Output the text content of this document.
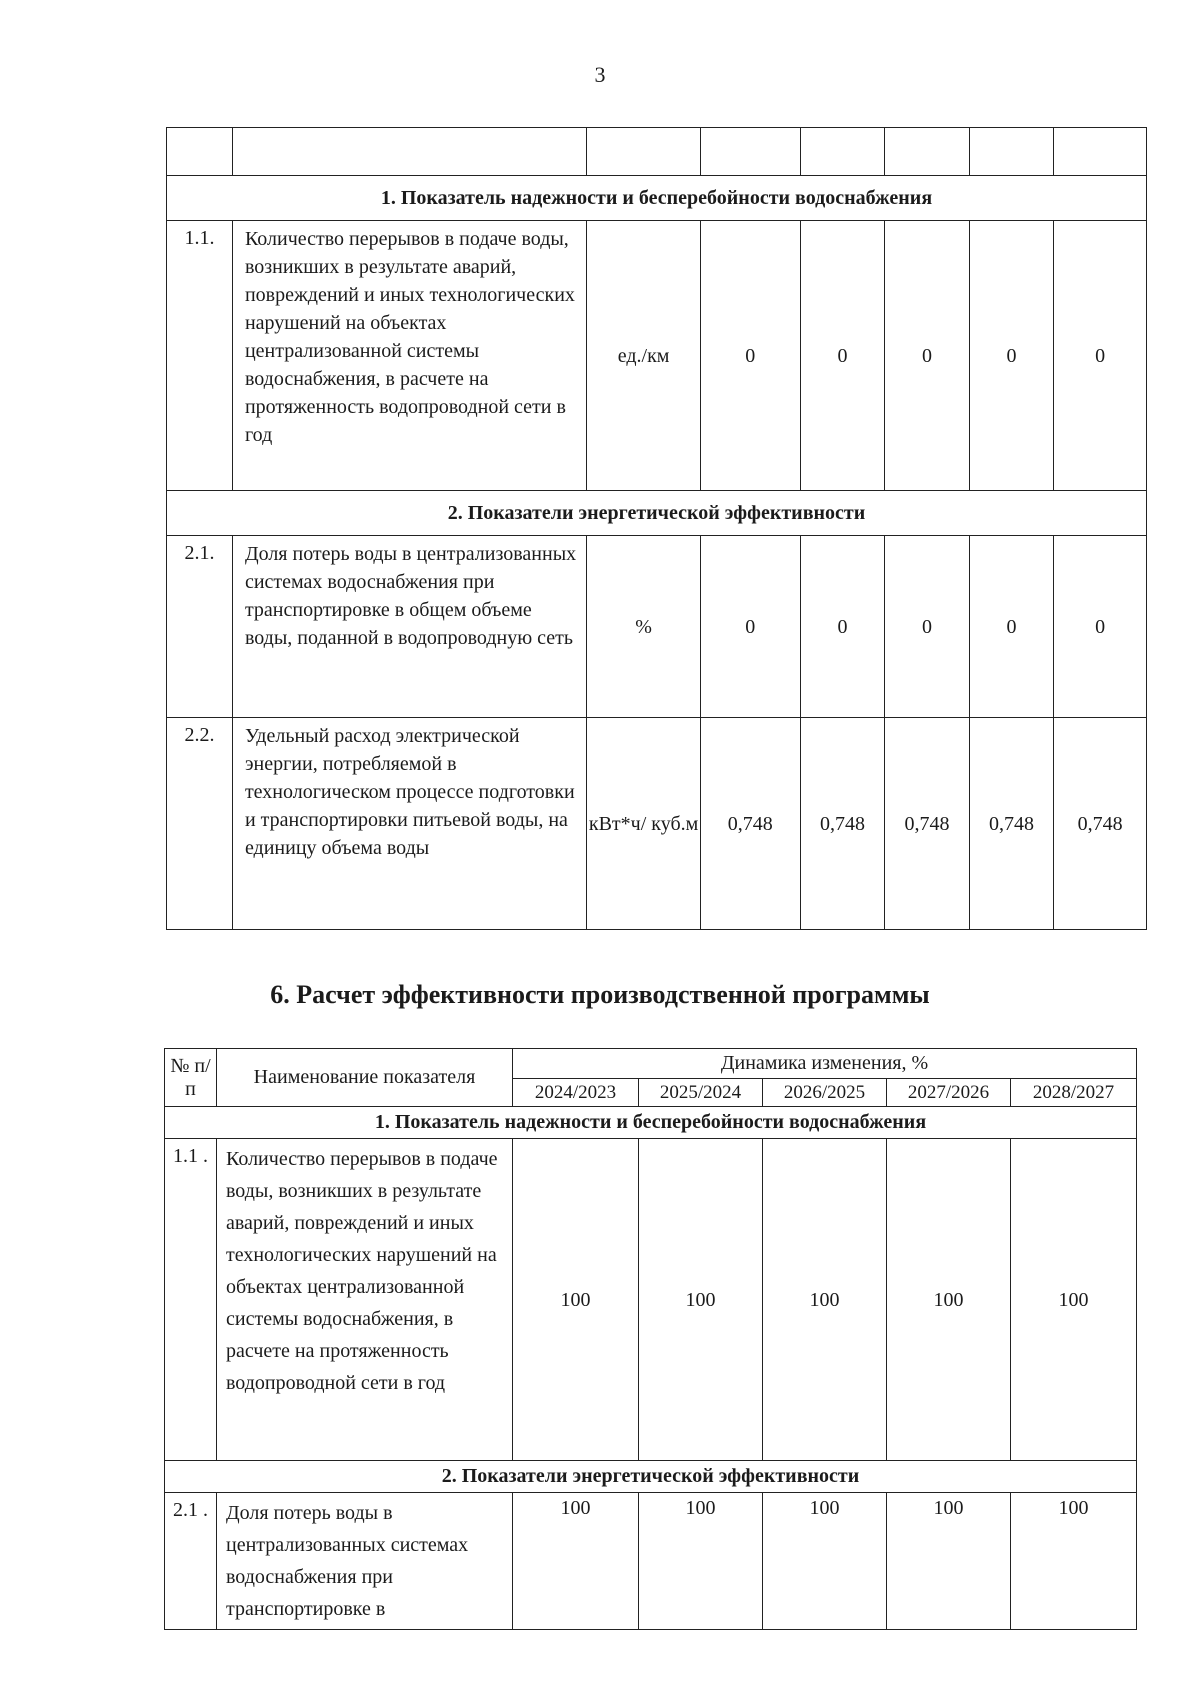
3

1. Показатель надежности и бесперебойности водоснабжения							
1.1.	Количество перерывов в подаче воды, возникших в результате аварий, повреждений и иных технологических нарушений на объектах централизованной системы водоснабжения, в расчете на протяженность водопроводной сети в год	ед./км	0	0	0	0	0
2. Показатели энергетической эффективности							
2.1.	Доля потерь воды в централизованных системах водоснабжения при транспортировке в общем объеме воды, поданной в водопроводную сеть	%	0	0	0	0	0
2.2.	Удельный расход электрической энергии, потребляемой в технологическом процессе подготовки и транспортировки питьевой воды, на единицу объема воды	кВт*ч/ куб.м	0,748	0,748	0,748	0,748	0,748
6. Расчет эффективности производственной программы
№ п/п	Наименование показателя	Динамика изменения, %				
		2024/2023	2025/2024	2026/2025	2027/2026	2028/2027
1. Показатель надежности и бесперебойности водоснабжения						
1.1 .	Количество перерывов в подаче воды, возникших в результате аварий, повреждений и иных технологических нарушений на объектах централизованной системы водоснабжения, в расчете на протяженность водопроводной сети в год	100	100	100	100	100
2. Показатели энергетической эффективности						
2.1 .	Доля потерь воды в централизованных системах водоснабжения при транспортировке в	100	100	100	100	100
